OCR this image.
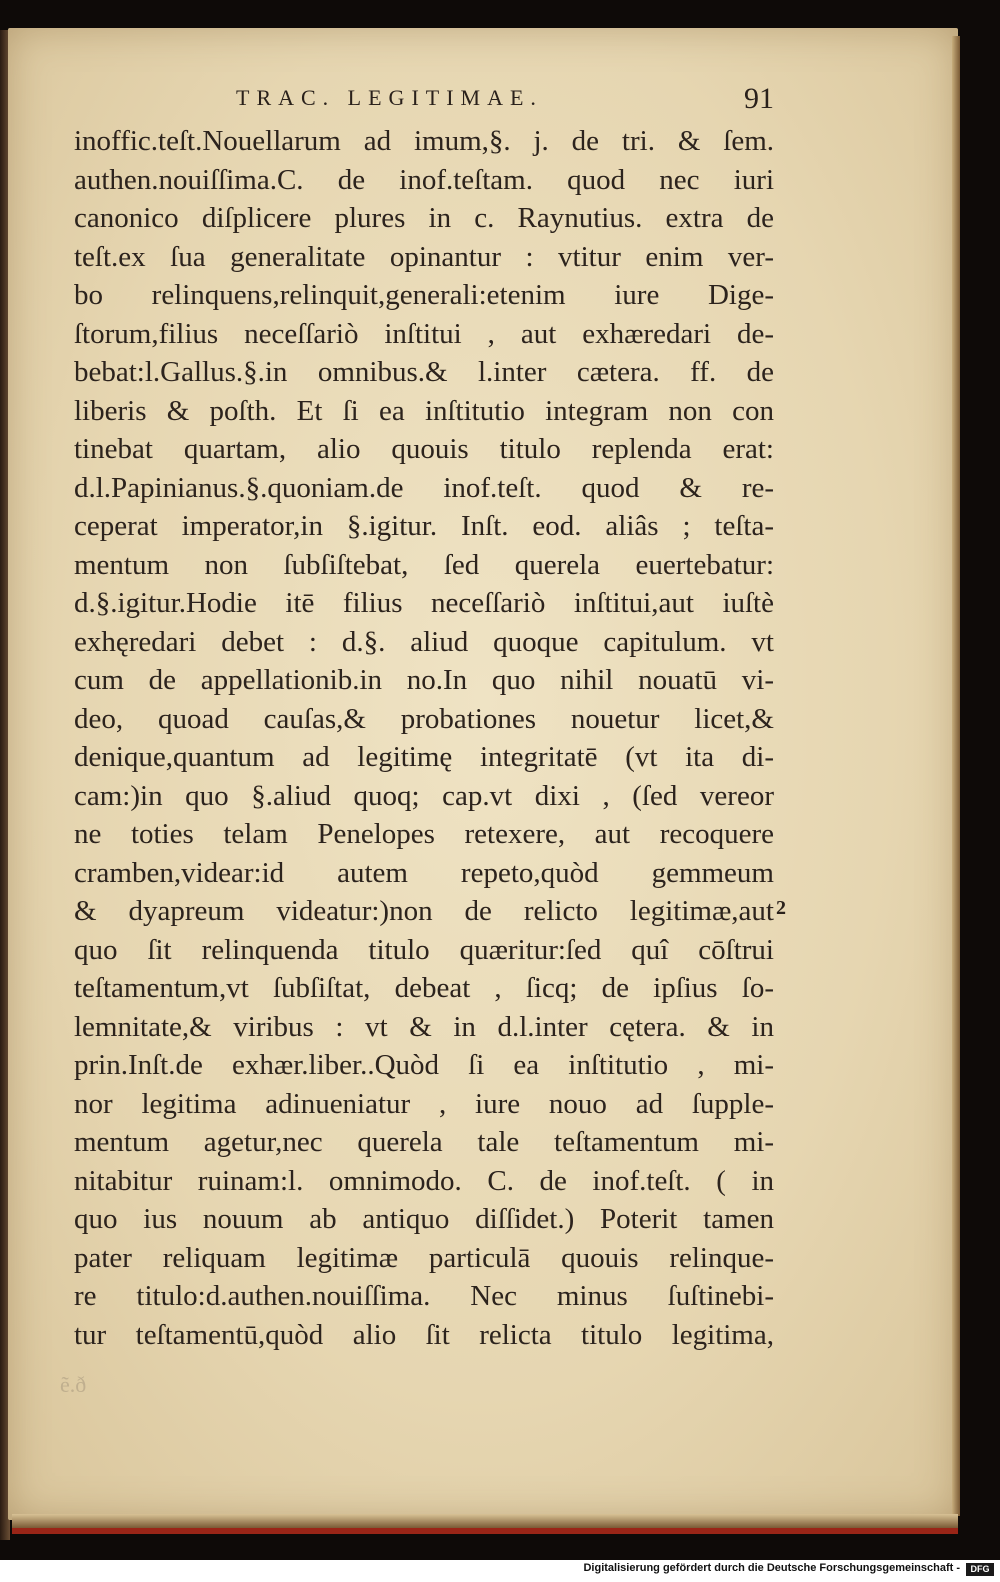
TRAC. LEGITIMAE.	91
inoffic.teſt.Nouellarum ad imum,§. j. de tri. & ſem.
authen.nouiſſima.C. de inof.teſtam. quod nec iuri
canonico diſplicere plures in c. Raynutius. extra de
teſt.ex ſua generalitate opinantur : vtitur enim ver-
bo relinquens,relinquit,generali:etenim iure Dige-
ſtorum,filius neceſſariò inſtitui , aut exhæredari de-
bebat:l.Gallus.§.in omnibus.& l.inter cætera. ff. de
liberis & poſth. Et ſi ea inſtitutio integram non con
tinebat quartam, alio quouis titulo replenda erat:
d.l.Papinianus.§.quoniam.de inof.teſt. quod & re-
ceperat imperator,in §.igitur. Inſt. eod. aliâs ; teſta-
mentum non ſubſiſtebat, ſed querela euertebatur:
d.§.igitur.Hodie itē filius neceſſariò inſtitui,aut iuſtè
exhęredari debet : d.§. aliud quoque capitulum. vt
cum de appellationib.in no.In quo nihil nouatū vi-
deo, quoad cauſas,& probationes nouetur licet,&
denique,quantum ad legitimę integritatē (vt ita di-
cam:)in quo §.aliud quoq; cap.vt dixi , (ſed vereor
ne toties telam Penelopes retexere, aut recoquere
cramben,videar:id autem repeto,quòd gemmeum
& dyapreum videatur:)non de relicto legitimæ,aut
quo ſit relinquenda titulo quæritur:ſed quî cōſtrui
teſtamentum,vt ſubſiſtat, debeat , ſicq; de ipſius ſo-
lemnitate,& viribus : vt & in d.l.inter cętera. & in
prin.Inſt.de exhær.liber..Quòd ſi ea inſtitutio , mi-
nor legitima adinueniatur , iure nouo ad ſupple-
mentum agetur,nec querela tale teſtamentum mi-
nitabitur ruinam:l. omnimodo. C. de inof.teſt. ( in
quo ius nouum ab antiquo diſſidet.) Poterit tamen
pater reliquam legitimæ particulā quouis relinque-
re titulo:d.authen.nouiſſima. Nec minus ſuſtinebi-
tur teſtamentū,quòd alio ſit relicta titulo legitima,
2
ẽ.ð
Digitalisierung gefördert durch die Deutsche Forschungsgemeinschaft -	DFG
